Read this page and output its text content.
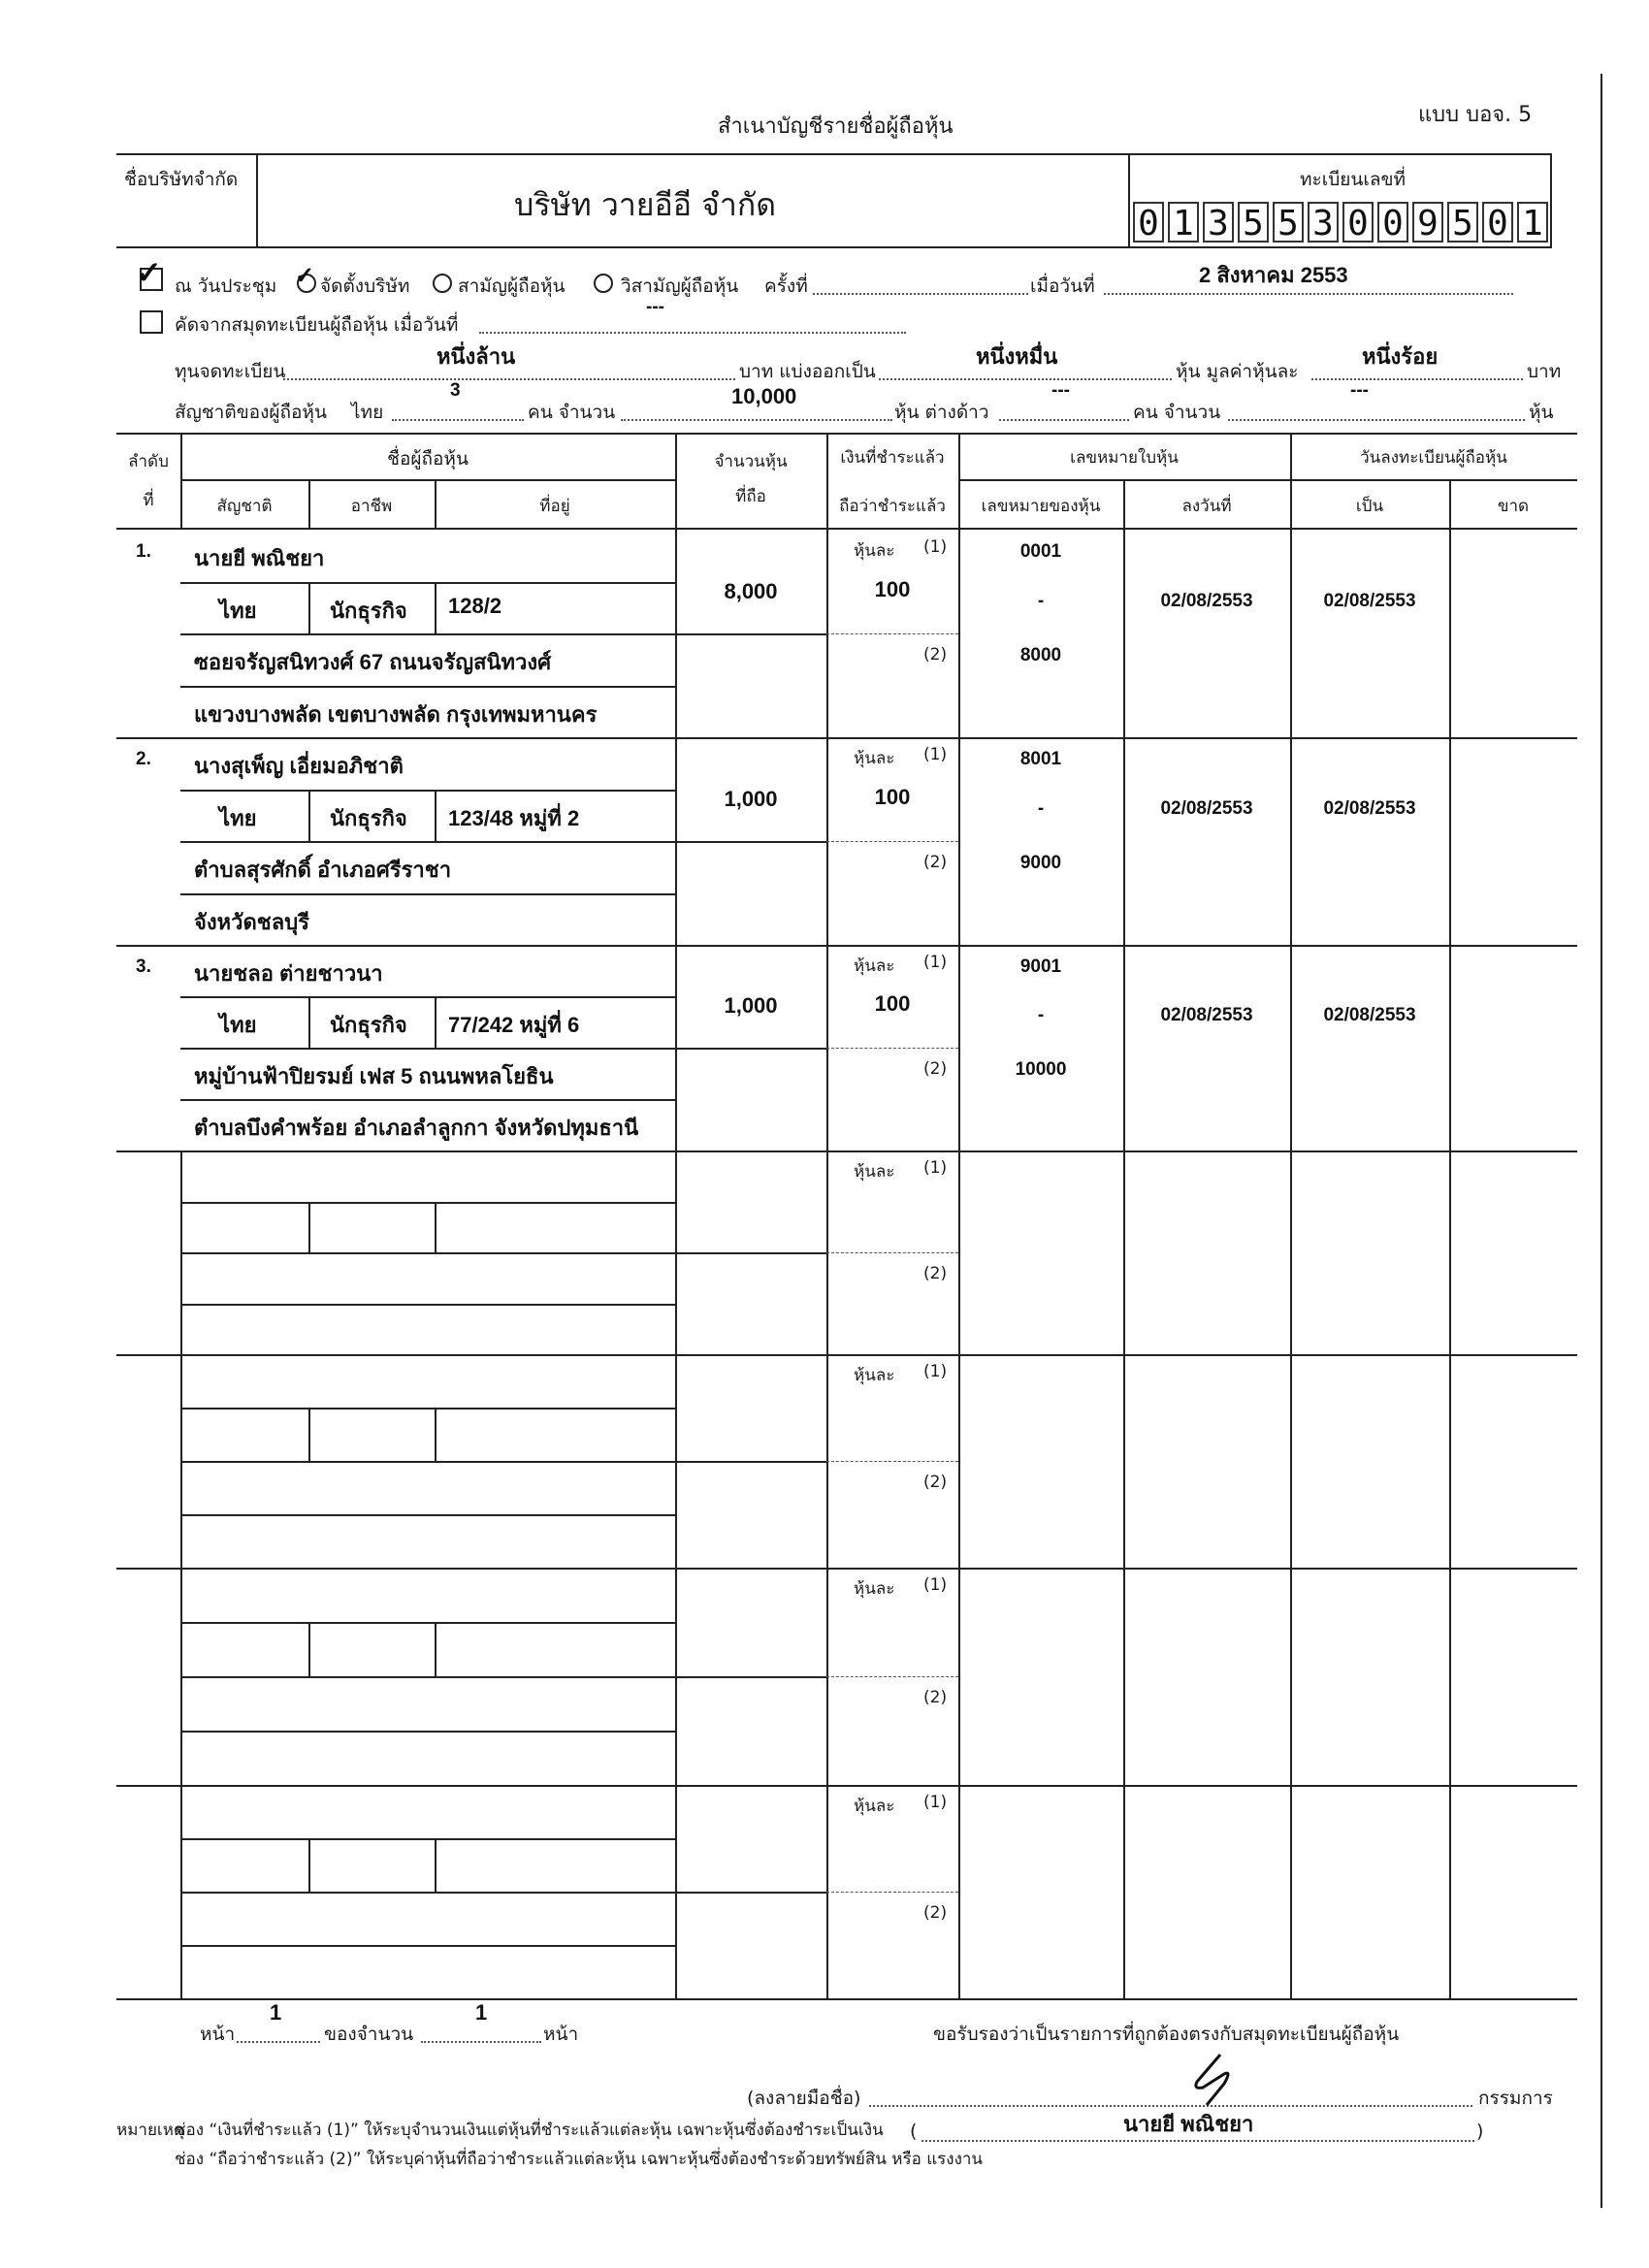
สำเนาบัญชีรายชื่อผู้ถือหุ้น	แบบ บอจ. 5
ชื่อบริษัทจำกัด
บริษัท วายอีอี จำกัด
ทะเบียนเลขที่
0 1 3 5 5 3 0 0 9 5 0 1
✓ ณ วันประชุม ✓ จัดตั้งบริษัท	สามัญผู้ถือหุ้น	วิสามัญผู้ถือหุ้น ครั้งที่	เมื่อวันที่	2 สิงหาคม 2553
คัดจากสมุดทะเบียนผู้ถือหุ้น เมื่อวันที่
---
ทุนจดทะเบียน
หนึ่งล้าน
บาท แบ่งออกเป็น
หนึ่งหมื่น
หุ้น มูลค่าหุ้นละ
หนึ่งร้อย
บาท
สัญชาติของผู้ถือหุ้น ไทย
3
คน จำนวน
10,000
หุ้น ต่างด้าว
---
คน จำนวน
---
หุ้น
ลำดับ
ที่
ชื่อผู้ถือหุ้น
สัญชาติ	อาชีพ	ที่อยู่
จำนวนหุ้น
ที่ถือ
เงินที่ชำระแล้ว
ถือว่าชำระแล้ว
เลขหมายใบหุ้น
เลขหมายของหุ้น	ลงวันที่
วันลงทะเบียนผู้ถือหุ้น
เป็น	ขาด
หุ้นละ (1)
(2)
1. นายยี พณิชยา
ไทย	นักธุรกิจ 128/2
ซอยจรัญสนิทวงศ์ 67 ถนนจรัญสนิทวงศ์
แขวงบางพลัด เขตบางพลัด กรุงเทพมหานคร
8,000	100
0001
-
8000
02/08/2553	02/08/2553
หุ้นละ (1)
(2)
2. นางสุเพ็ญ เอี่ยมอภิชาติ
ไทย	นักธุรกิจ 123/48 หมู่ที่ 2
ตำบลสุรศักดิ์ อำเภอศรีราชา
จังหวัดชลบุรี
1,000	100
8001
-
9000
02/08/2553	02/08/2553
หุ้นละ (1)
(2)
3. นายชลอ ต่ายชาวนา
ไทย	นักธุรกิจ 77/242 หมู่ที่ 6
หมู่บ้านฟ้าปิยรมย์ เฟส 5 ถนนพหลโยธิน
ตำบลบึงคำพร้อย อำเภอลำลูกกา จังหวัดปทุมธานี
1,000	100
9001
-
10000
02/08/2553	02/08/2553
หุ้นละ (1)
(2)
หุ้นละ (1)
(2)
หุ้นละ (1)
(2)
หุ้นละ (1)
(2)
หน้า
1
ของจำนวน
1
หน้า	ขอรับรองว่าเป็นรายการที่ถูกต้องตรงกับสมุดทะเบียนผู้ถือหุ้น
(ลงลายมือชื่อ)	กรรมการ
(	นายยี พณิชยา	)
หมายเหตุ
ช่อง “เงินที่ชำระแล้ว (1)” ให้ระบุจำนวนเงินแต่หุ้นที่ชำระแล้วแต่ละหุ้น เฉพาะหุ้นซึ่งต้องชำระเป็นเงิน
ช่อง “ถือว่าชำระแล้ว (2)” ให้ระบุค่าหุ้นที่ถือว่าชำระแล้วแต่ละหุ้น เฉพาะหุ้นซึ่งต้องชำระด้วยทรัพย์สิน หรือ แรงงาน
